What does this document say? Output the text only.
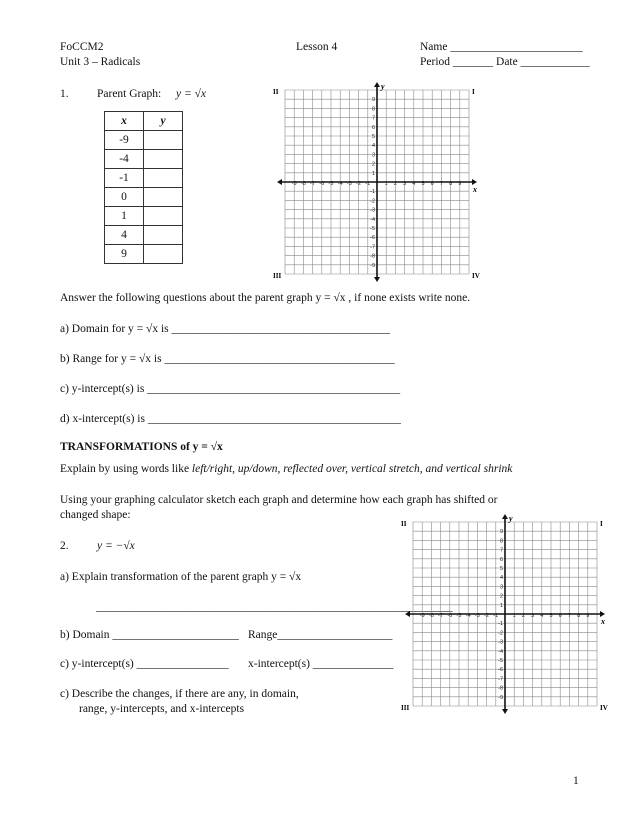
FoCCM2
Unit 3 – Radicals
Lesson 4	Name _______________________
Period _______ Date ____________
1. Parent Graph: y = √x
x	y
-9	
-4	
-1	
0	
1	
4	
9	
-9 -8 -7 -6 -5 -4 -3 -2 -1	1 2 3 4 5 6 7 8 9
9
8
7
6
5
4
3
2
1
-1
-2
-3
-4
-5
-6
-7
-8
-9
x
y
I
II
III	IV
Answer the following questions about the parent graph y = √x , if none exists write none.
a) Domain for y = √x is ______________________________________
b) Range for y = √x is ________________________________________
c) y-intercept(s) is ____________________________________________
d) x-intercept(s) is ____________________________________________
TRANSFORMATIONS of y = √x
Explain by using words like left/right, up/down, reflected over, vertical stretch, and vertical shrink
Using your graphing calculator sketch each graph and determine how each graph has shifted or
changed shape:
2. y = −√x
a) Explain transformation of the parent graph y = √x
______________________________________________________________
b) Domain ______________________ Range____________________
c) y-intercept(s) ________________ x-intercept(s) ______________
c) Describe the changes, if there are any, in domain,
range, y-intercepts, and x-intercepts
-9 -8 -7 -6 -5 -4 -3 -2 -1	1 2 3 4 5 6 7 8 9
9
8
7
6
5
4
3
2
1
-1
-2
-3
-4
-5
-6
-7
-8
-9
x
y
I
II
III	IV
1
